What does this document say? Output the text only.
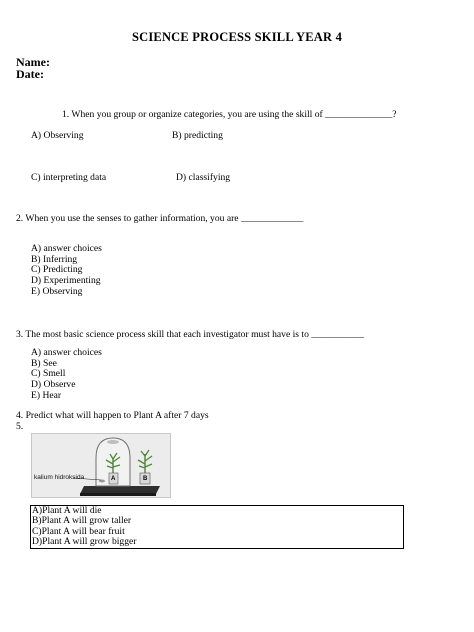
SCIENCE PROCESS SKILL YEAR 4
Name:
Date:
1. When you group or organize categories, you are using the skill of ______________?
A) Observing	B) predicting
C) interpreting data	D) classifying
2. When you use the senses to gather information, you are _____________
A) answer choices
B) Inferring
C) Predicting
D) Experimenting
E) Observing
3. The most basic science process skill that each investigator must have is to ___________
A) answer choices
B) See
C) Smell
D) Observe
E) Hear
4. Predict what will happen to Plant A after 7 days
5.
kalium hidroksida	A	B
A)Plant A will die
B)Plant A will grow taller
C)Plant A will bear fruit
D)Plant A will grow bigger
